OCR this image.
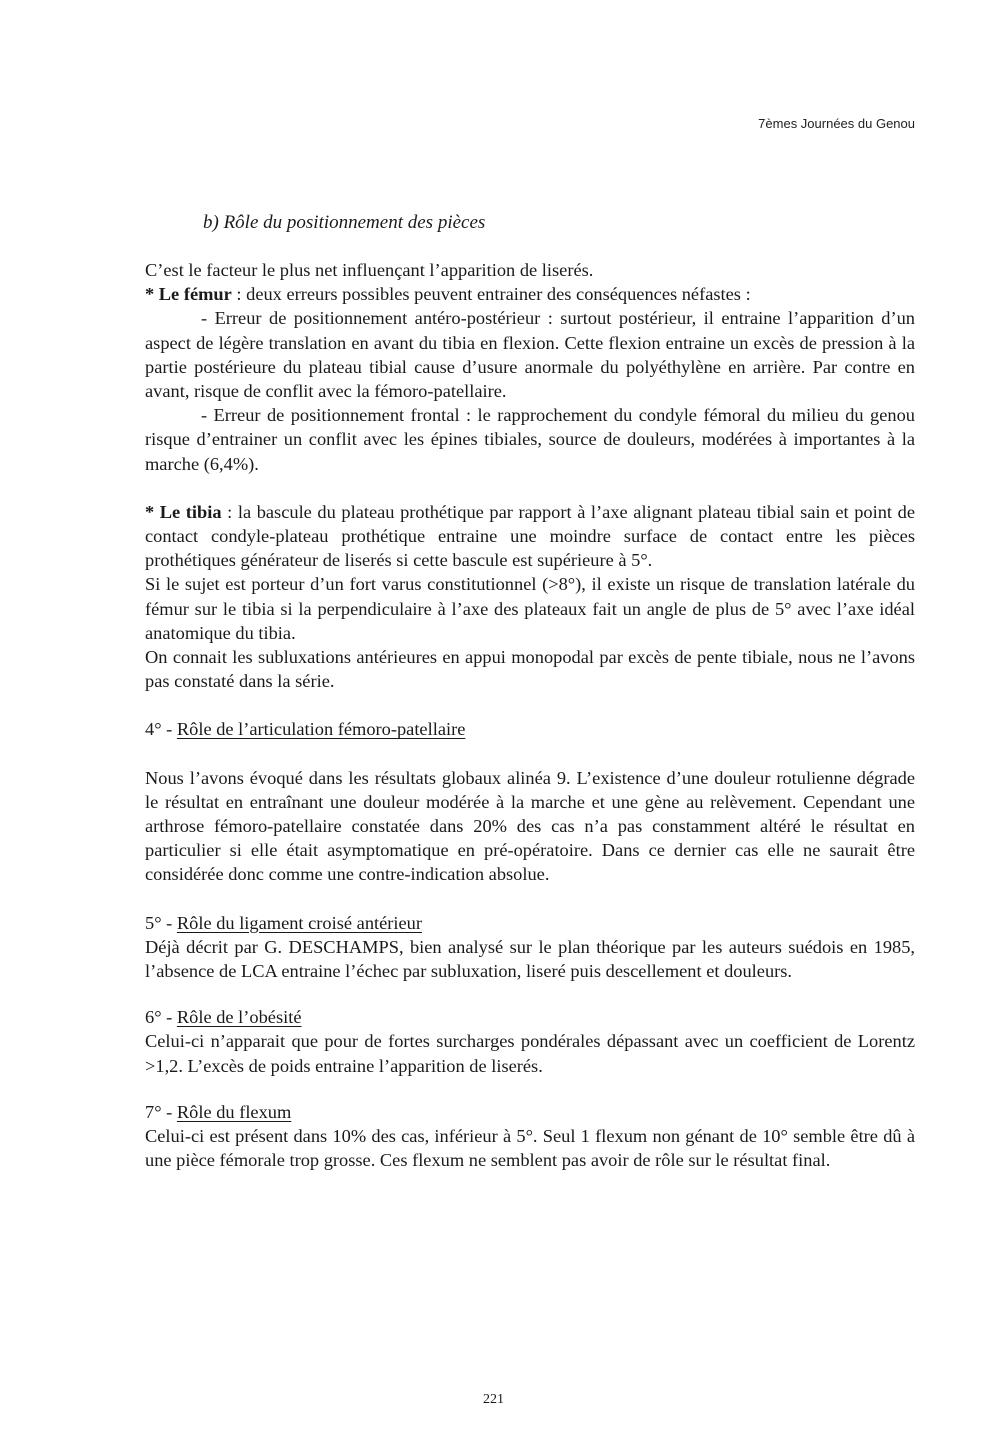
7èmes Journées du Genou
b) Rôle du positionnement des pièces

C’est le facteur le plus net influençant l’apparition de liserés.

* Le fémur : deux erreurs possibles peuvent entrainer des conséquences néfastes :

- Erreur de positionnement antéro-postérieur : surtout postérieur, il entraine l’apparition d’un aspect de légère translation en avant du tibia en flexion. Cette flexion entraine un excès de pression à la partie postérieure du plateau tibial cause d’usure anormale du polyéthylène en arrière. Par contre en avant, risque de conflit avec la fémoro-patellaire.

- Erreur de positionnement frontal : le rapprochement du condyle fémoral du milieu du genou risque d’entrainer un conflit avec les épines tibiales, source de douleurs, modérées à importantes à la marche (6,4%).

* Le tibia : la bascule du plateau prothétique par rapport à l’axe alignant plateau tibial sain et point de contact condyle-plateau prothétique entraine une moindre surface de contact entre les pièces prothétiques générateur de liserés si cette bascule est supérieure à 5°.

Si le sujet est porteur d’un fort varus constitutionnel (>8°), il existe un risque de translation latérale du fémur sur le tibia si la perpendiculaire à l’axe des plateaux fait un angle de plus de 5° avec l’axe idéal anatomique du tibia.

On connait les subluxations antérieures en appui monopodal par excès de pente tibiale, nous ne l’avons pas constaté dans la série.

4° - Rôle de l’articulation fémoro-patellaire

Nous l’avons évoqué dans les résultats globaux alinéa 9. L’existence d’une douleur rotulienne dégrade le résultat en entraînant une douleur modérée à la marche et une gène au relèvement. Cependant une arthrose fémoro-patellaire constatée dans 20% des cas n’a pas constamment altéré le résultat en particulier si elle était asymptomatique en pré-opératoire. Dans ce dernier cas elle ne saurait être considérée donc comme une contre-indication absolue.

5° - Rôle du ligament croisé antérieur

Déjà décrit par G. DESCHAMPS, bien analysé sur le plan théorique par les auteurs suédois en 1985, l’absence de LCA entraine l’échec par subluxation, liseré puis descellement et douleurs.

6° - Rôle de l’obésité

Celui-ci n’apparait que pour de fortes surcharges pondérales dépassant avec un coefficient de Lorentz >1,2. L’excès de poids entraine l’apparition de liserés.

7° - Rôle du flexum

Celui-ci est présent dans 10% des cas, inférieur à 5°. Seul 1 flexum non génant de 10° semble être dû à une pièce fémorale trop grosse. Ces flexum ne semblent pas avoir de rôle sur le résultat final.

221
